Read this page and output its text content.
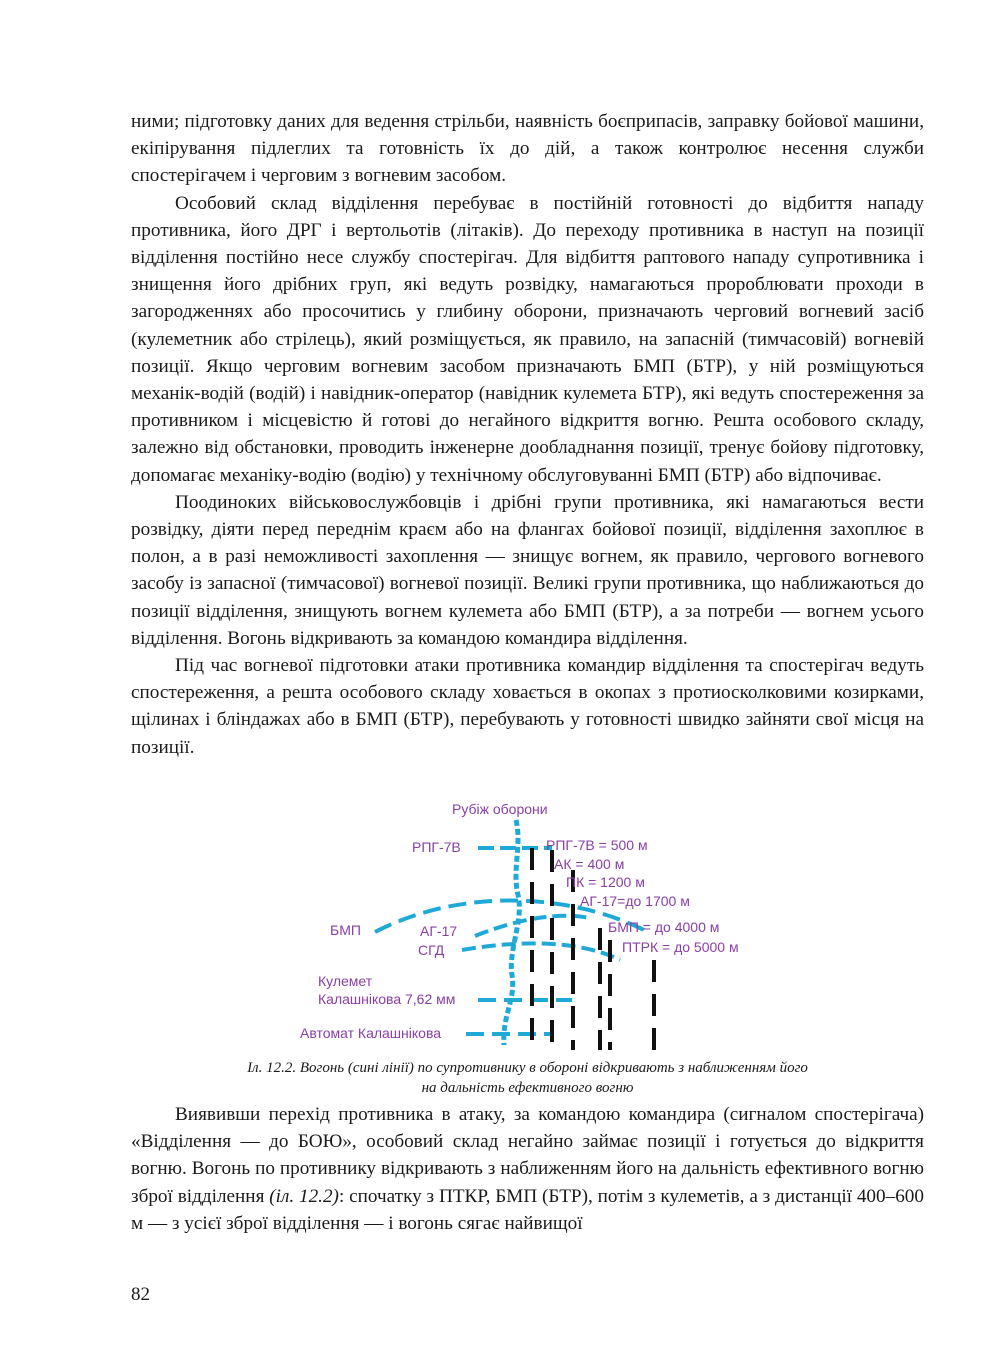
ними; підготовку даних для ведення стрільби, наявність боєприпасів, заправку бойової машини, екіпірування підлеглих та готовність їх до дій, а також контролює несення служби спостерігачем і черговим з вогневим засобом.

Особовий склад відділення перебуває в постійній готовності до відбиття нападу противника, його ДРГ і вертольотів (літаків). До переходу противника в наступ на позиції відділення постійно несе службу спостерігач. Для відбиття раптового нападу супротивника і знищення його дрібних груп, які ведуть розвідку, намагаються пророблювати проходи в загородженнях або просочитись у глибину оборони, призначають черговий вогневий засіб (кулеметник або стрілець), який розміщується, як правило, на запасній (тимчасовій) вогневій позиції. Якщо черговим вогневим засобом призначають БМП (БТР), у ній розміщуються механік-водій (водій) і навідник-оператор (навідник кулемета БТР), які ведуть спостереження за противником і місцевістю й готові до негайного відкриття вогню. Решта особового складу, залежно від обстановки, проводить інженерне дообладнання позиції, тренує бойову підготовку, допомагає механіку-водію (водію) у технічному обслуговуванні БМП (БТР) або відпочиває.

Поодиноких військовослужбовців і дрібні групи противника, які намагаються вести розвідку, діяти перед переднім краєм або на флангах бойової позиції, відділення захоплює в полон, а в разі неможливості захоплення — знищує вогнем, як правило, чергового вогневого засобу із запасної (тимчасової) вогневої позиції. Великі групи противника, що наближаються до позиції відділення, знищують вогнем кулемета або БМП (БТР), а за потреби — вогнем усього відділення. Вогонь відкривають за командою командира відділення.

Під час вогневої підготовки атаки противника командир відділення та спостерігач ведуть спостереження, а решта особового складу ховається в окопах з протиосколковими козирками, щілинах і бліндажах або в БМП (БТР), перебувають у готовності швидко зайняти свої місця на позиції.

Рубіж оборони
РПГ-7В
БМП	АГ-17
СГД
Кулемет
Калашнікова 7,62 мм
Автомат Калашнікова
РПГ-7В = 500 м
АК = 400 м
ПК = 1200 м
АГ-17=до 1700 м
БМП = до 4000 м
ПТРК = до 5000 м
Іл. 12.2. Вогонь (сині лінії) по супротивнику в обороні відкривають з наближенням його
на дальність ефективного вогню

Виявивши перехід противника в атаку, за командою командира (сигналом спостерігача) «Відділення — до БОЮ», особовий склад негайно займає позиції і готується до відкриття вогню. Вогонь по противнику відкривають з наближенням його на дальність ефективного вогню зброї відділення (іл. 12.2): спочатку з ПТКР, БМП (БТР), потім з кулеметів, а з дистанції 400–600 м — з усієї зброї відділення — і вогонь сягає найвищої

82
